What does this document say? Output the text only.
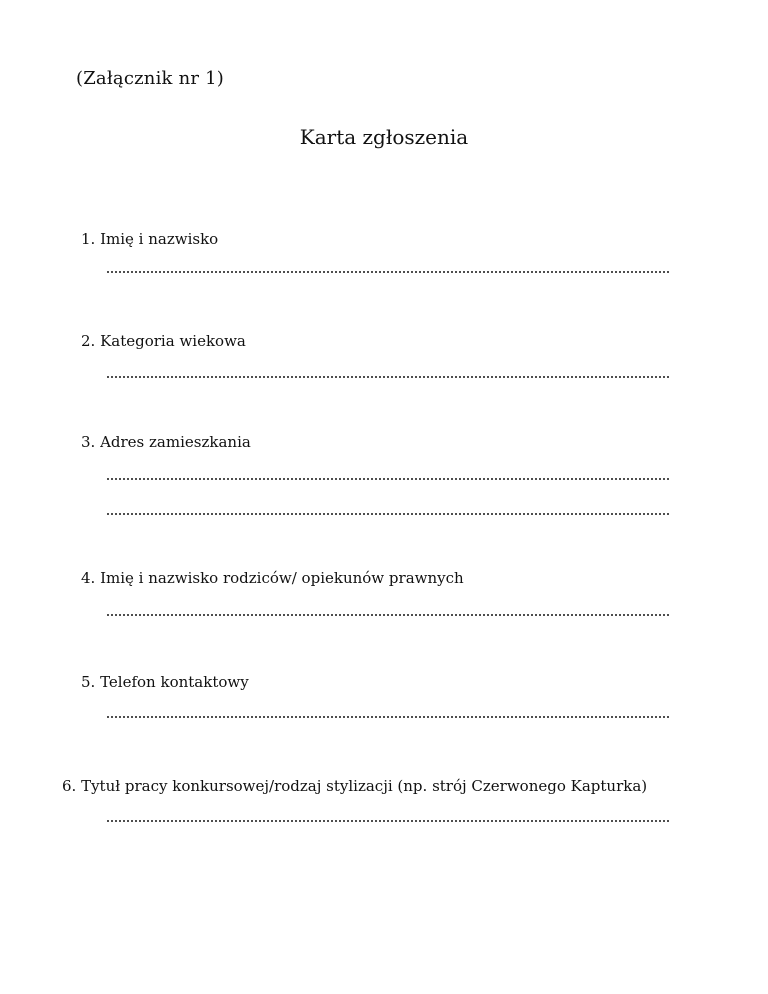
(Załącznik nr 1)
Karta zgłoszenia
1. Imię i nazwisko
2. Kategoria wiekowa
3. Adres zamieszkania
4. Imię i nazwisko rodziców/ opiekunów prawnych
5. Telefon kontaktowy
6. Tytuł pracy konkursowej/rodzaj stylizacji (np. strój Czerwonego Kapturka)
